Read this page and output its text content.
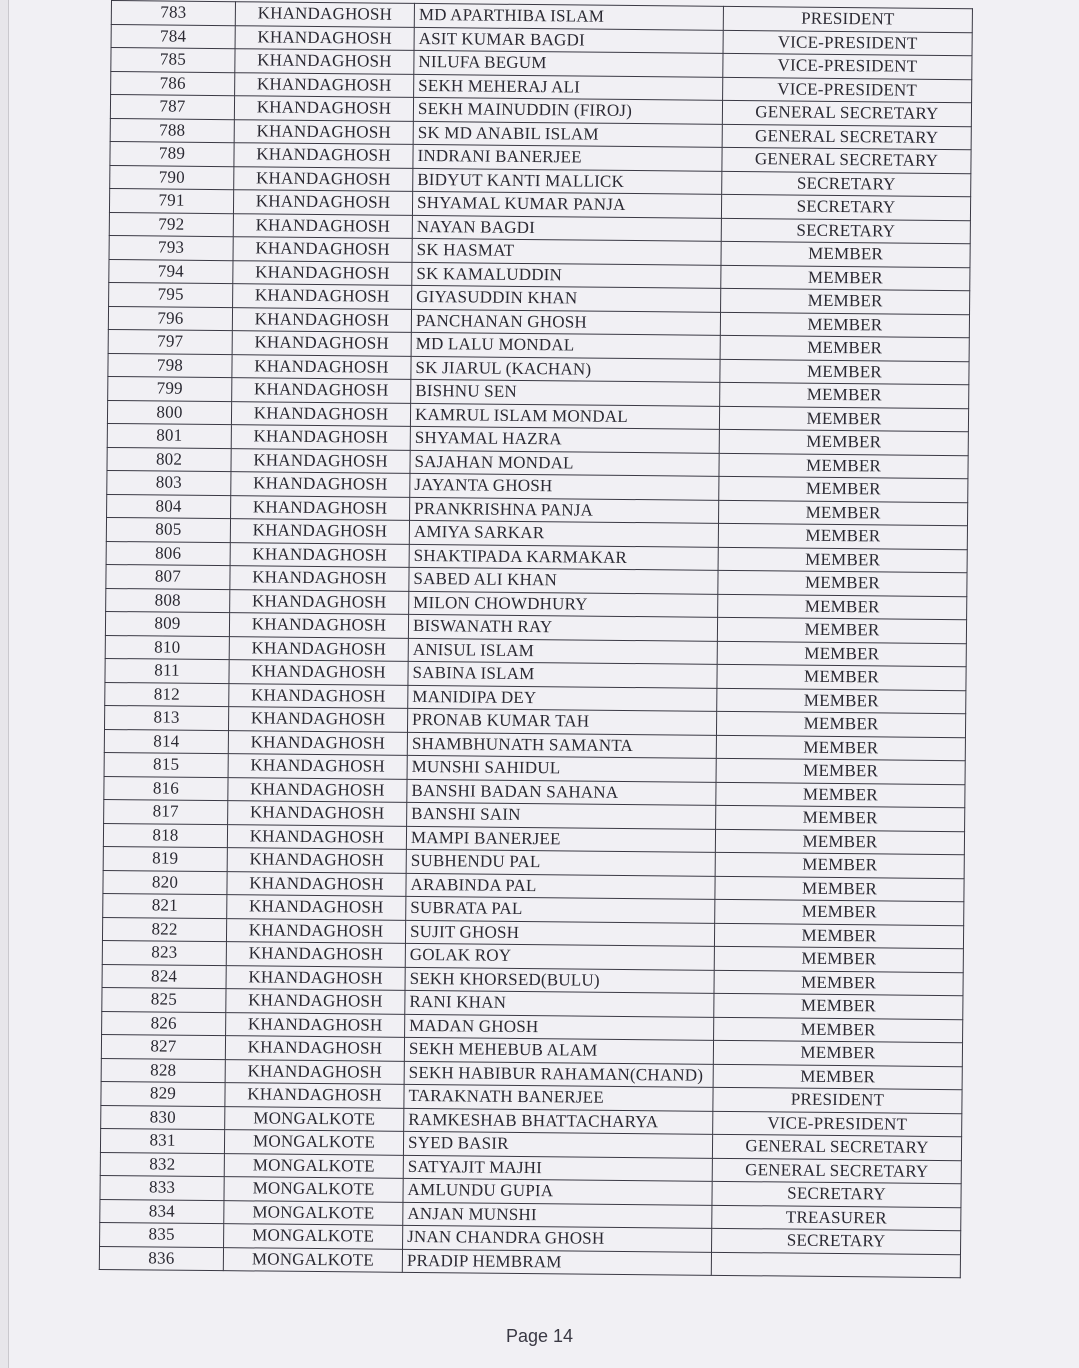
783	KHANDAGHOSH	MD APARTHIBA ISLAM	PRESIDENT
784	KHANDAGHOSH	ASIT KUMAR BAGDI	VICE-PRESIDENT
785	KHANDAGHOSH	NILUFA BEGUM	VICE-PRESIDENT
786	KHANDAGHOSH	SEKH MEHERAJ ALI	VICE-PRESIDENT
787	KHANDAGHOSH	SEKH MAINUDDIN (FIROJ)	GENERAL SECRETARY
788	KHANDAGHOSH	SK MD ANABIL ISLAM	GENERAL SECRETARY
789	KHANDAGHOSH	INDRANI BANERJEE	GENERAL SECRETARY
790	KHANDAGHOSH	BIDYUT KANTI MALLICK	SECRETARY
791	KHANDAGHOSH	SHYAMAL KUMAR PANJA	SECRETARY
792	KHANDAGHOSH	NAYAN BAGDI	SECRETARY
793	KHANDAGHOSH	SK HASMAT	MEMBER
794	KHANDAGHOSH	SK KAMALUDDIN	MEMBER
795	KHANDAGHOSH	GIYASUDDIN KHAN	MEMBER
796	KHANDAGHOSH	PANCHANAN GHOSH	MEMBER
797	KHANDAGHOSH	MD LALU MONDAL	MEMBER
798	KHANDAGHOSH	SK JIARUL (KACHAN)	MEMBER
799	KHANDAGHOSH	BISHNU SEN	MEMBER
800	KHANDAGHOSH	KAMRUL ISLAM MONDAL	MEMBER
801	KHANDAGHOSH	SHYAMAL HAZRA	MEMBER
802	KHANDAGHOSH	SAJAHAN MONDAL	MEMBER
803	KHANDAGHOSH	JAYANTA GHOSH	MEMBER
804	KHANDAGHOSH	PRANKRISHNA PANJA	MEMBER
805	KHANDAGHOSH	AMIYA SARKAR	MEMBER
806	KHANDAGHOSH	SHAKTIPADA KARMAKAR	MEMBER
807	KHANDAGHOSH	SABED ALI KHAN	MEMBER
808	KHANDAGHOSH	MILON CHOWDHURY	MEMBER
809	KHANDAGHOSH	BISWANATH RAY	MEMBER
810	KHANDAGHOSH	ANISUL ISLAM	MEMBER
811	KHANDAGHOSH	SABINA ISLAM	MEMBER
812	KHANDAGHOSH	MANIDIPA DEY	MEMBER
813	KHANDAGHOSH	PRONAB KUMAR TAH	MEMBER
814	KHANDAGHOSH	SHAMBHUNATH SAMANTA	MEMBER
815	KHANDAGHOSH	MUNSHI SAHIDUL	MEMBER
816	KHANDAGHOSH	BANSHI BADAN SAHANA	MEMBER
817	KHANDAGHOSH	BANSHI SAIN	MEMBER
818	KHANDAGHOSH	MAMPI BANERJEE	MEMBER
819	KHANDAGHOSH	SUBHENDU PAL	MEMBER
820	KHANDAGHOSH	ARABINDA PAL	MEMBER
821	KHANDAGHOSH	SUBRATA PAL	MEMBER
822	KHANDAGHOSH	SUJIT GHOSH	MEMBER
823	KHANDAGHOSH	GOLAK ROY	MEMBER
824	KHANDAGHOSH	SEKH KHORSED(BULU)	MEMBER
825	KHANDAGHOSH	RANI KHAN	MEMBER
826	KHANDAGHOSH	MADAN GHOSH	MEMBER
827	KHANDAGHOSH	SEKH MEHEBUB ALAM	MEMBER
828	KHANDAGHOSH	SEKH HABIBUR RAHAMAN(CHAND)	MEMBER
829	KHANDAGHOSH	TARAKNATH BANERJEE	PRESIDENT
830	MONGALKOTE	RAMKESHAB BHATTACHARYA	VICE-PRESIDENT
831	MONGALKOTE	SYED BASIR	GENERAL SECRETARY
832	MONGALKOTE	SATYAJIT MAJHI	GENERAL SECRETARY
833	MONGALKOTE	AMLUNDU GUPIA	SECRETARY
834	MONGALKOTE	ANJAN MUNSHI	TREASURER
835	MONGALKOTE	JNAN CHANDRA GHOSH	SECRETARY
836	MONGALKOTE	PRADIP HEMBRAM	
Page 14
